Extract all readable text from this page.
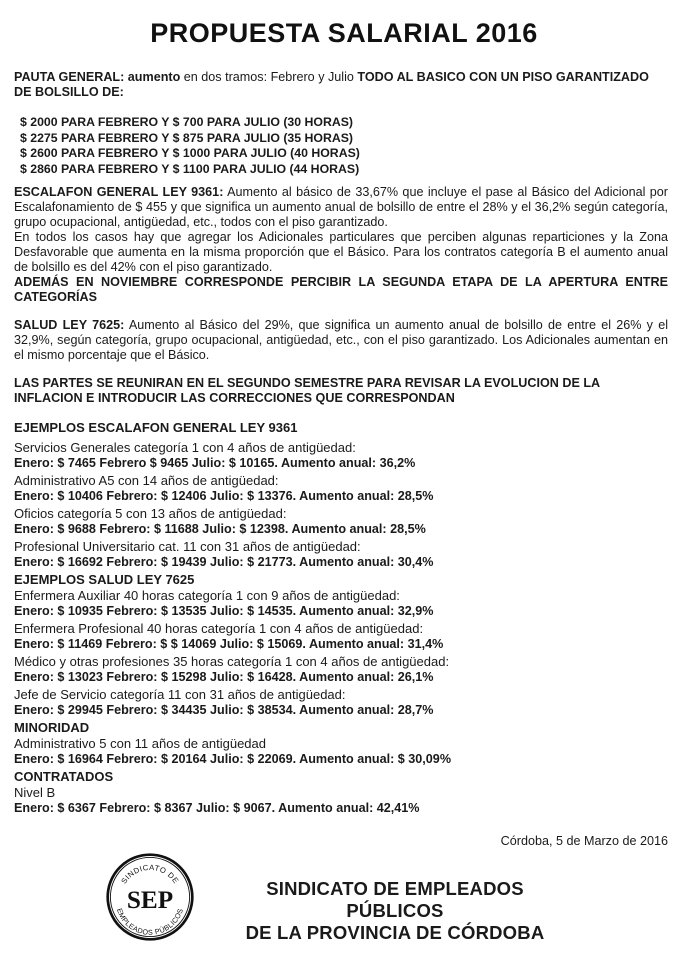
PROPUESTA SALARIAL 2016
PAUTA GENERAL: aumento en dos tramos: Febrero y Julio TODO AL BASICO CON UN PISO GARANTIZADO DE BOLSILLO DE:
$ 2000 PARA FEBRERO Y $ 700 PARA JULIO (30 HORAS)
$ 2275 PARA FEBRERO Y $ 875 PARA JULIO (35 HORAS)
$ 2600 PARA FEBRERO Y $ 1000 PARA JULIO (40 HORAS)
$ 2860 PARA FEBRERO Y $ 1100 PARA JULIO (44 HORAS)
ESCALAFON GENERAL LEY 9361: Aumento al básico de 33,67% que incluye el pase al Básico del Adicional por Escalafonamiento de $ 455 y que significa un aumento anual de bolsillo de entre el 28% y el 36,2% según categoría, grupo ocupacional, antigüedad, etc., todos con el piso garantizado.
En todos los casos hay que agregar los Adicionales particulares que perciben algunas reparticiones y la Zona Desfavorable que aumenta en la misma proporción que el Básico. Para los contratos categoría B el aumento anual de bolsillo es del 42% con el piso garantizado.
ADEMÁS EN NOVIEMBRE CORRESPONDE PERCIBIR LA SEGUNDA ETAPA DE LA APERTURA ENTRE CATEGORÍAS
SALUD LEY 7625: Aumento al Básico del 29%, que significa un aumento anual de bolsillo de entre el 26% y el 32,9%, según categoría, grupo ocupacional, antigüedad, etc., con el piso garantizado. Los Adicionales aumentan en el mismo porcentaje que el Básico.
LAS PARTES SE REUNIRAN EN EL SEGUNDO SEMESTRE PARA REVISAR LA EVOLUCION DE LA INFLACION E INTRODUCIR LAS CORRECCIONES QUE CORRESPONDAN
EJEMPLOS ESCALAFON GENERAL LEY 9361
Servicios Generales categoría 1 con 4 años de antigüedad:
Enero: $ 7465 Febrero $ 9465 Julio: $ 10165. Aumento anual: 36,2%
Administrativo A5 con 14 años de antigüedad:
Enero: $ 10406 Febrero: $ 12406 Julio: $ 13376. Aumento anual: 28,5%
Oficios categoría 5 con 13 años de antigüedad:
Enero: $ 9688 Febrero: $ 11688 Julio: $ 12398. Aumento anual: 28,5%
Profesional Universitario cat. 11 con 31 años de antigüedad:
Enero: $ 16692 Febrero: $ 19439 Julio: $ 21773. Aumento anual: 30,4%
EJEMPLOS SALUD LEY 7625
Enfermera Auxiliar 40 horas categoría 1 con 9 años de antigüedad:
Enero: $ 10935 Febrero: $ 13535 Julio: $ 14535. Aumento anual: 32,9%
Enfermera Profesional 40 horas categoría 1 con 4 años de antigüedad:
Enero: $ 11469 Febrero: $ $ 14069 Julio: $ 15069. Aumento anual: 31,4%
Médico y otras profesiones 35 horas categoría 1 con 4 años de antigüedad:
Enero: $ 13023 Febrero: $ 15298 Julio: $ 16428. Aumento anual: 26,1%
Jefe de Servicio categoría 11 con 31 años de antigüedad:
Enero: $ 29945 Febrero: $ 34435 Julio: $ 38534. Aumento anual: 28,7%
MINORIDAD
Administrativo 5 con 11 años de antigüedad
Enero: $ 16964 Febrero: $ 20164 Julio: $ 22069. Aumento anual: $ 30,09%
CONTRATADOS
Nivel B
Enero: $ 6367 Febrero: $ 8367 Julio: $ 9067. Aumento anual: 42,41%
Córdoba, 5 de Marzo de 2016
SINDICATO DE
EMPLEADOS PÚBLICOS
SEP	SINDICATO DE EMPLEADOS PÚBLICOS
DE LA PROVINCIA DE CÓRDOBA
